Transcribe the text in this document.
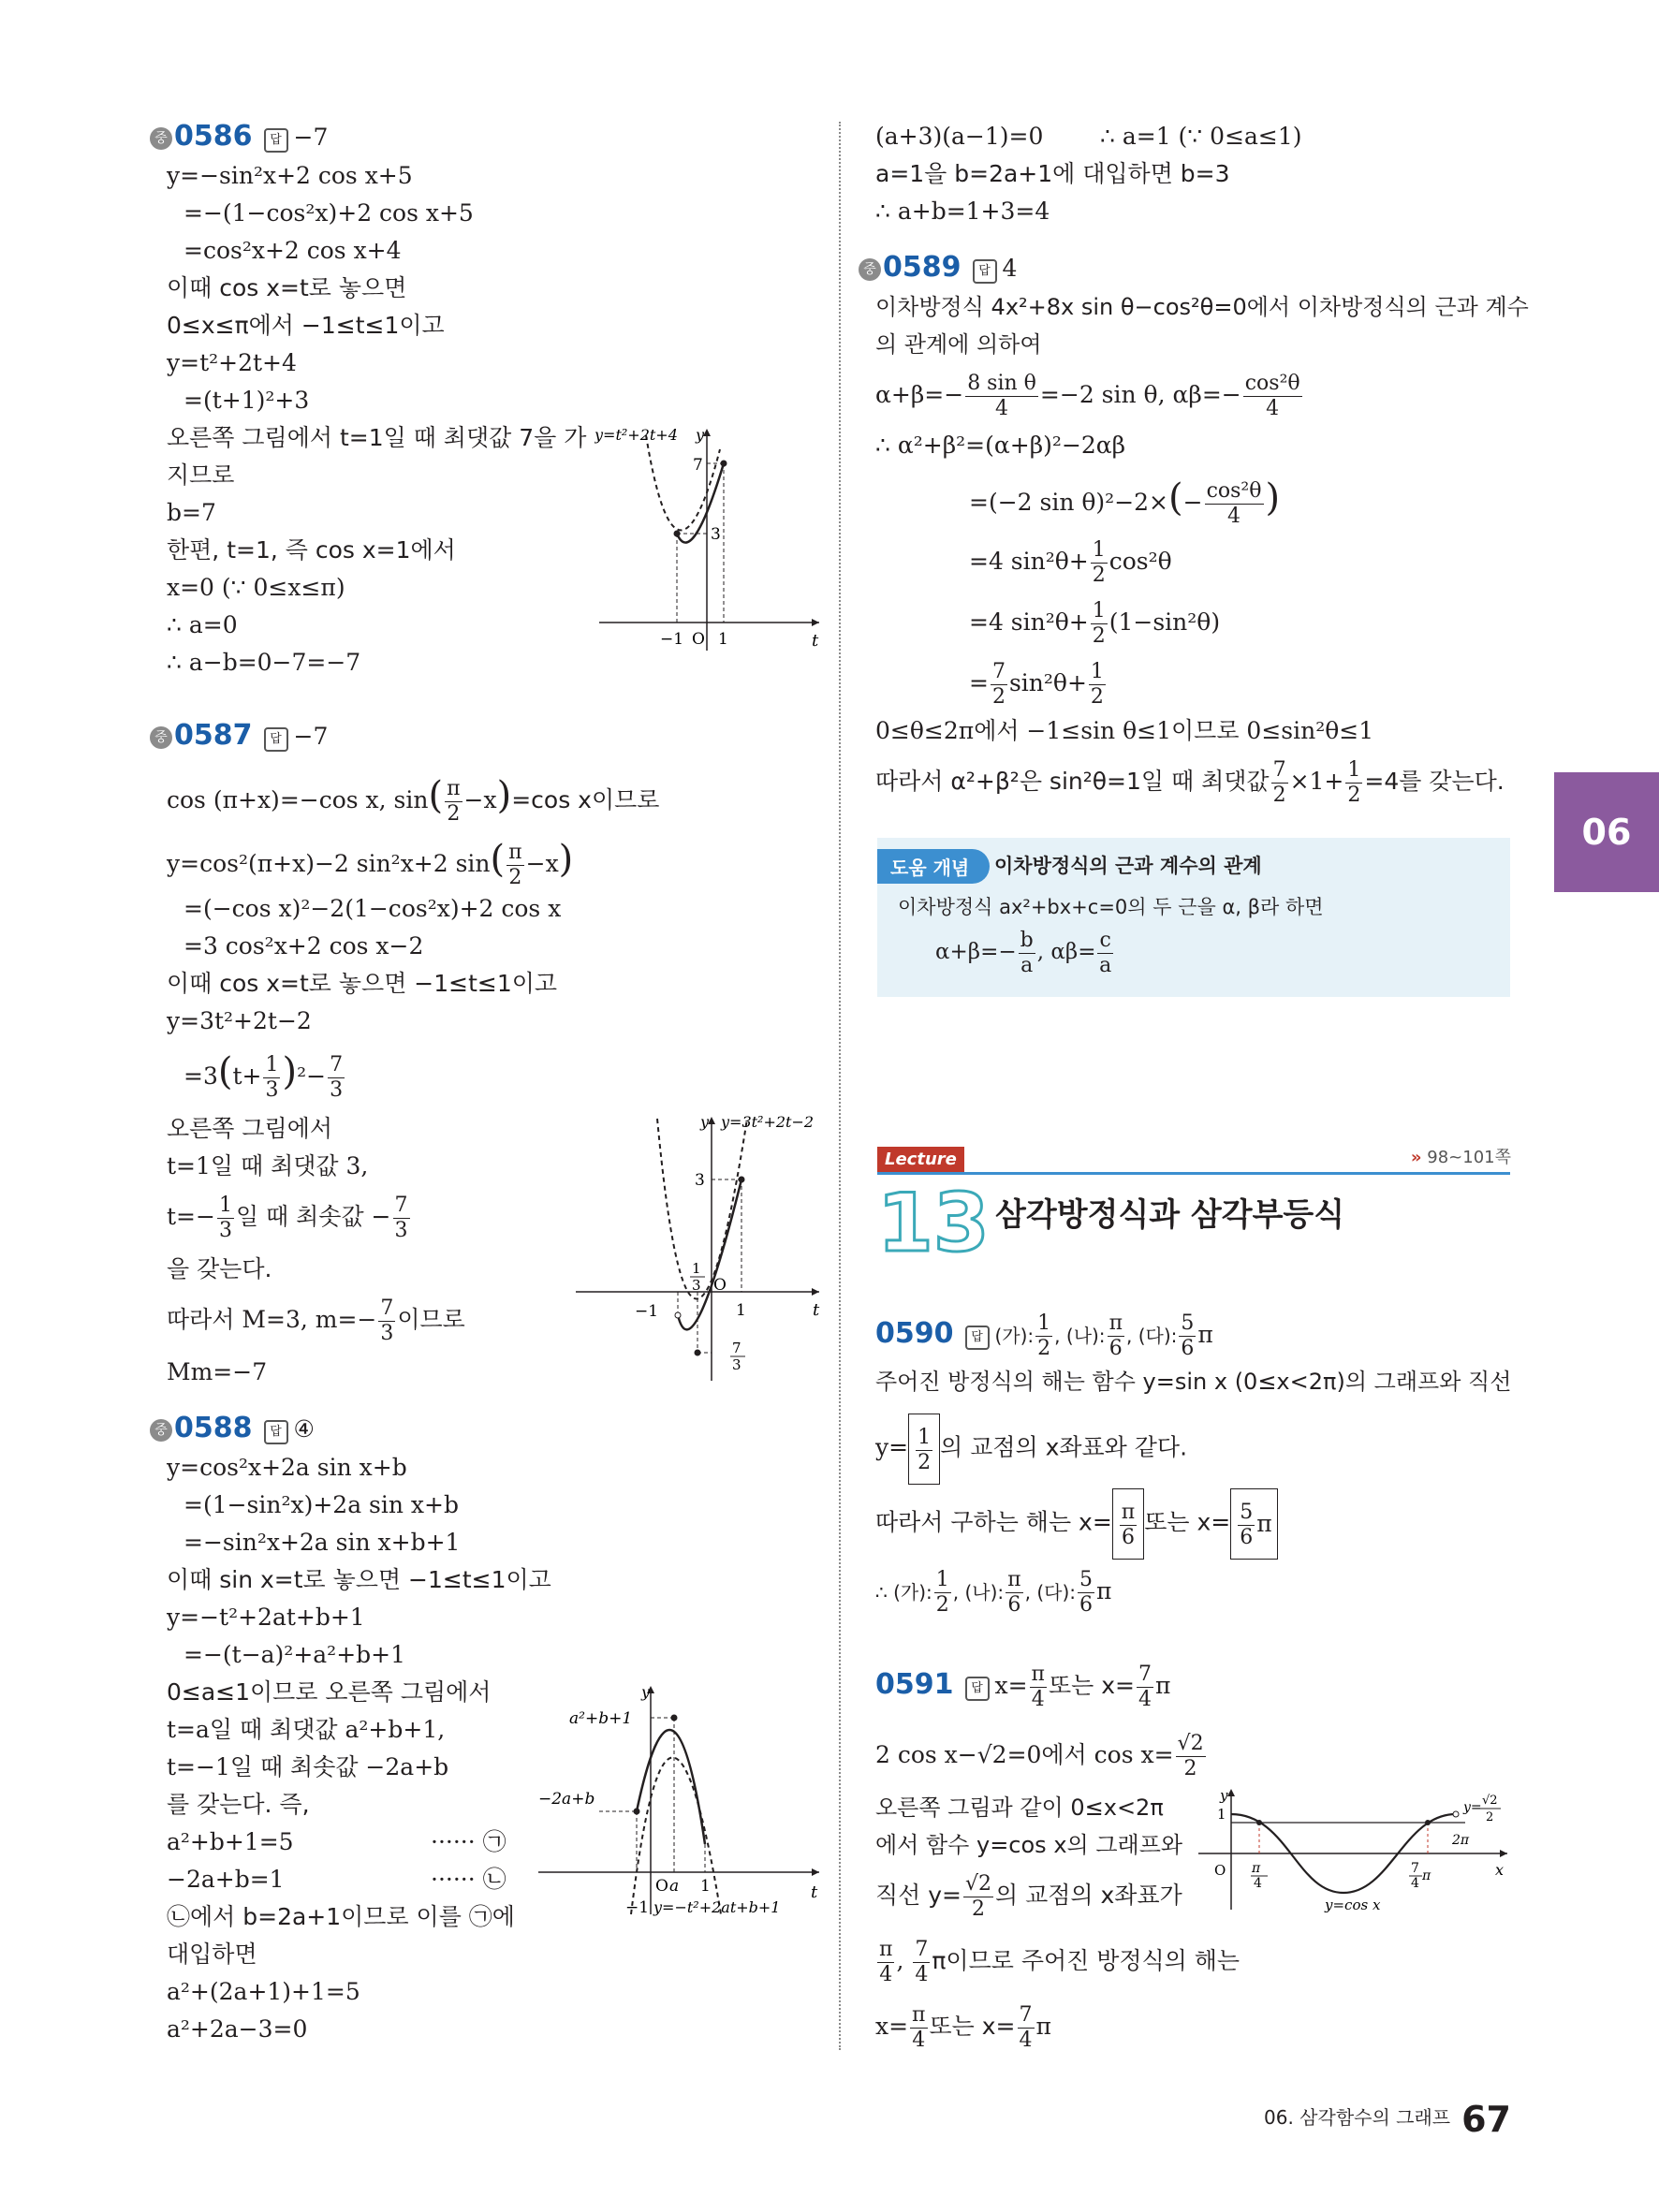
06
중 0586 답 −7
y=−sin²x+2 cos x+5
=−(1−cos²x)+2 cos x+5
=cos²x+2 cos x+4
이때 cos x=t로 놓으면
0≤x≤π에서 −1≤t≤1이고
y=t²+2t+4
=(t+1)²+3
오른쪽 그림에서 t=1일 때 최댓값 7을 가
지므로
b=7
한편, t=1, 즉 cos x=1에서
x=0 (∵ 0≤x≤π)
∴ a=0
∴ a−b=0−7=−7
y=t²+2t+4 y
t
7
3
−1 O 1
중 0587 답 −7
cos (π+x)=−cos x, $\sin( \frac{\pi}{2} -x)=\cos$ x이므로
y=cos²(π+x)−2 sin²x+2 $\sin( \frac{\pi}{2} -x)$
=(−cos x)²−2(1−cos²x)+2 cos x
=3 cos²x+2 cos x−2
이때 cos x=t로 놓으면 −1≤t≤1이고
y=3t²+2t−2
$=3(t+ \frac{1}{3} )^2- \frac{7}{3}$
오른쪽 그림에서
t=1일 때 최댓값 3,
$t=- \frac{1}{3}$ 일 때 최솟값 − $\frac{7}{3}$
을 갖는다.
따라서 M=3, $m=- \frac{7}{3}$ 이므로
Mm=−7
y y=3t²+2t−2
t
3
1
3 O
1
−1
7
3
중 0588 답 ④
y=cos²x+2a sin x+b
=(1−sin²x)+2a sin x+b
=−sin²x+2a sin x+b+1
이때 sin x=t로 놓으면 −1≤t≤1이고
y=−t²+2at+b+1
=−(t−a)²+a²+b+1
0≤a≤1이므로 오른쪽 그림에서
t=a일 때 최댓값 a²+b+1,
t=−1일 때 최솟값 −2a+b
를 갖는다. 즉,
a²+b+1=5	······ ㉠
−2a+b=1	······ ㉡
㉡에서 b=2a+1이므로 이를 ㉠에
대입하면
a²+(2a+1)+1=5
a²+2a−3=0
y
t
a²+b+1
−2a+b
O a 1
−1 y=−t²+2at+b+1
(a+3)(a−1)=0 ∴ a=1 (∵ 0≤a≤1)
a=1을 b=2a+1에 대입하면 b=3
∴ a+b=1+3=4
중 0589 답 4
이차방정식 4x²+8x sin θ−cos²θ=0에서 이차방정식의 근과 계수
의 관계에 의하여
$\alpha+\beta=- \frac{\text{8 sin θ}}{4} =-2$ sin θ, $\alpha\beta=- \frac{\text{cos²θ}}{4}$
∴ α²+β²=(α+β)²−2αβ
=(−2 $\sin \theta)^2-2\times(- \frac{\text{cos²θ}}{4}$ )
=4 $\sin^2\theta+ \frac{1}{2} \cos^2\theta$
=4 $\sin^2\theta+ \frac{1}{2} (1-\sin^2\theta)$
= $\frac{7}{2} \sin^2\theta+ \frac{1}{2}$
0≤θ≤2π에서 −1≤sin θ≤1이므로 0≤sin²θ≤1
따라서 α²+β²은 sin²θ=1일 때 최댓값 $\frac{7}{2} \times 1+ \frac{1}{2} =4$를 갖는다.
도움 개념	이차방정식의 근과 계수의 관계
이차방정식 ax²+bx+c=0의 두 근을 α, β라 하면
$\alpha+\beta=- \frac{b}{a}$ , $\alpha\beta= \frac{c}{a}$
Lecture	» 98~101쪽
13 삼각방정식과 삼각부등식
0590 답 (가): $\frac{1}{2}$ , (나): $\frac{\pi}{6}$ , (다): $\frac{5}{6}$ π
주어진 방정식의 해는 함수 y=sin x (0≤x<2π)의 그래프와 직선
$y= \frac{1}{2}$ 의 교점의 x좌표와 같다.
따라서 구하는 해는 $x= \frac{\pi}{6}$ 또는 $x= \frac{5}{6}$ π
∴ (가): $\frac{1}{2}$ , (나): $\frac{\pi}{6}$ , (다): $\frac{5}{6}$ π
0591 답 $x= \frac{\pi}{4}$ 또는 $x= \frac{7}{4}$ π
2 cos x−√2=0에서 $\cos x= \frac{√2}{2}$
오른쪽 그림과 같이 0≤x<2π
에서 함수 y=cos x의 그래프와
직선 $y= \frac{√2}{2}$ 의 교점의 x좌표가
$\frac{\pi}{4}$ , $\frac{7}{4}$ π이므로 주어진 방정식의 해는
$x= \frac{\pi}{4}$ 또는 $x= \frac{7}{4}$ π
1
O π
4
7
4 π
2π
x
y
y=cos x
y= √2
2
06. 삼각함수의 그래프 67
